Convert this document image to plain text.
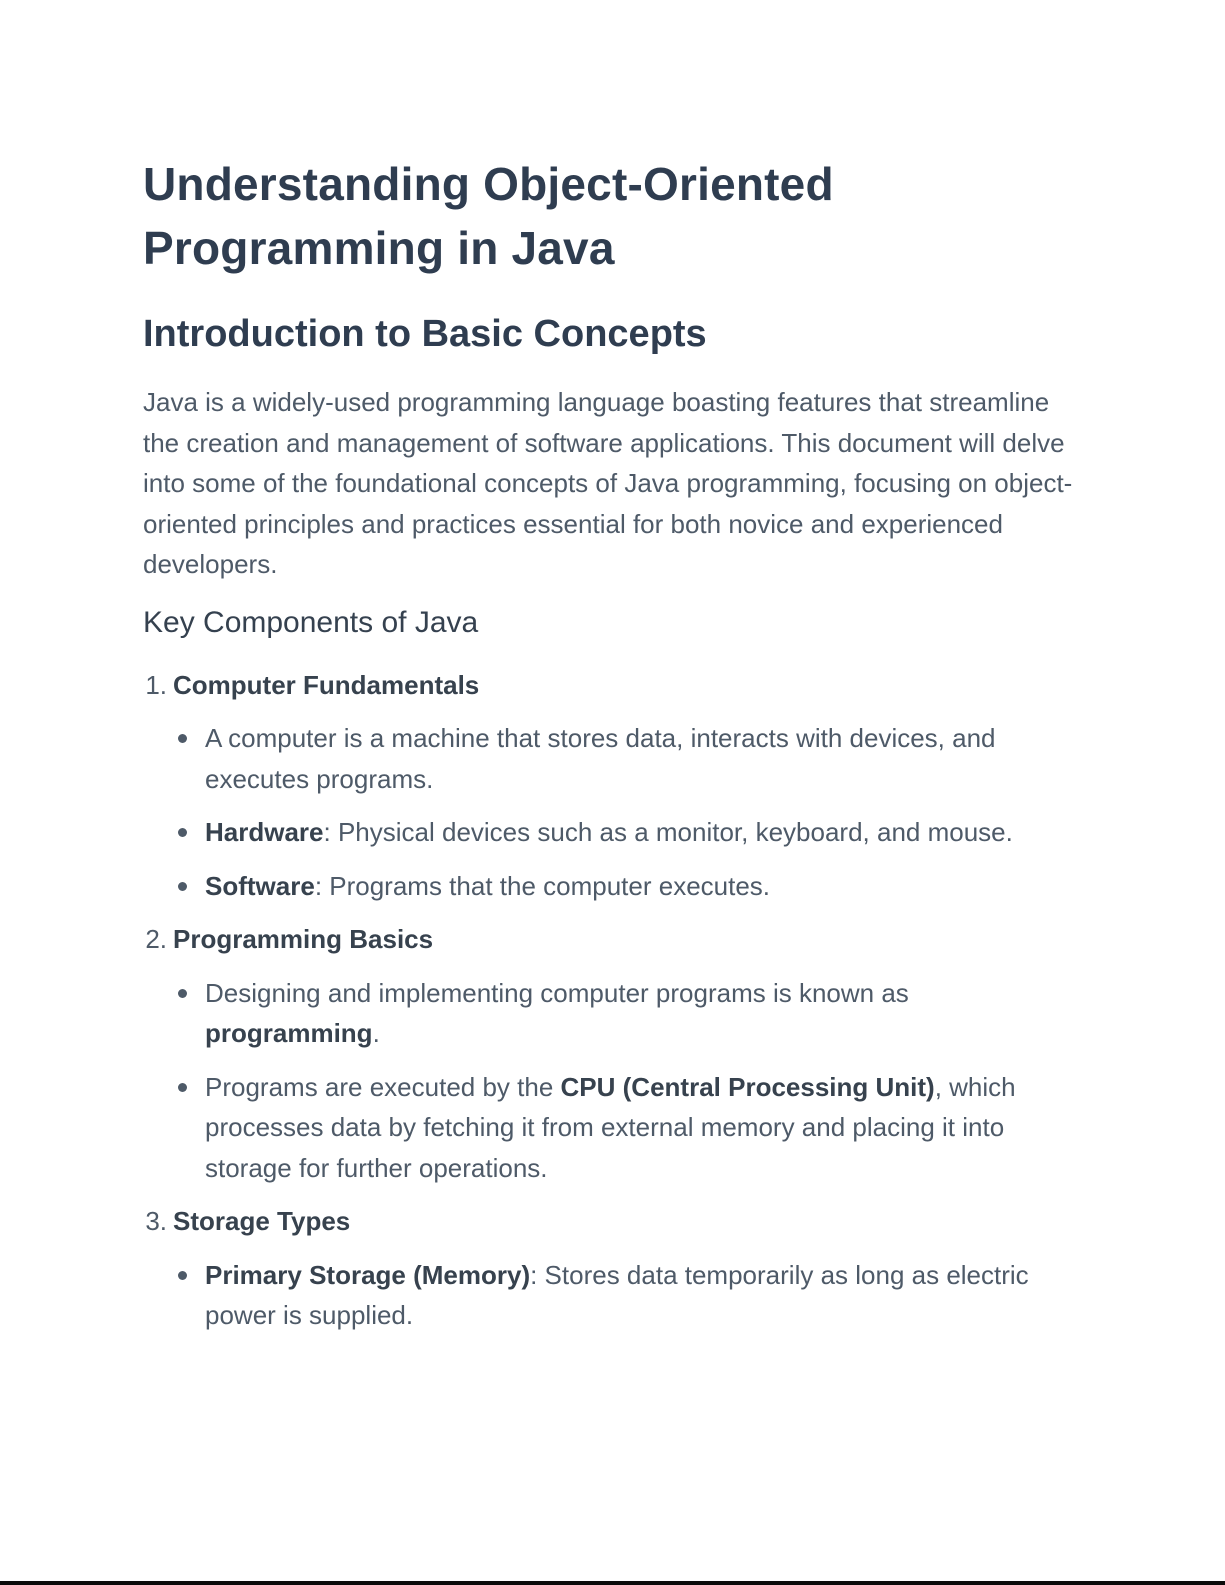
Understanding Object-Oriented
Programming in Java
Introduction to Basic Concepts

Java is a widely-used programming language boasting features that streamline the creation and management of software applications. This document will delve into some of the foundational concepts of Java programming, focusing on object-oriented principles and practices essential for both novice and experienced developers.

Key Components of Java
1. Computer Fundamentals
A computer is a machine that stores data, interacts with devices, and executes programs.
Hardware: Physical devices such as a monitor, keyboard, and mouse.
Software: Programs that the computer executes.
2. Programming Basics
Designing and implementing computer programs is known as programming.
Programs are executed by the CPU (Central Processing Unit), which processes data by fetching it from external memory and placing it into storage for further operations.
3. Storage Types
Primary Storage (Memory): Stores data temporarily as long as electric power is supplied.
